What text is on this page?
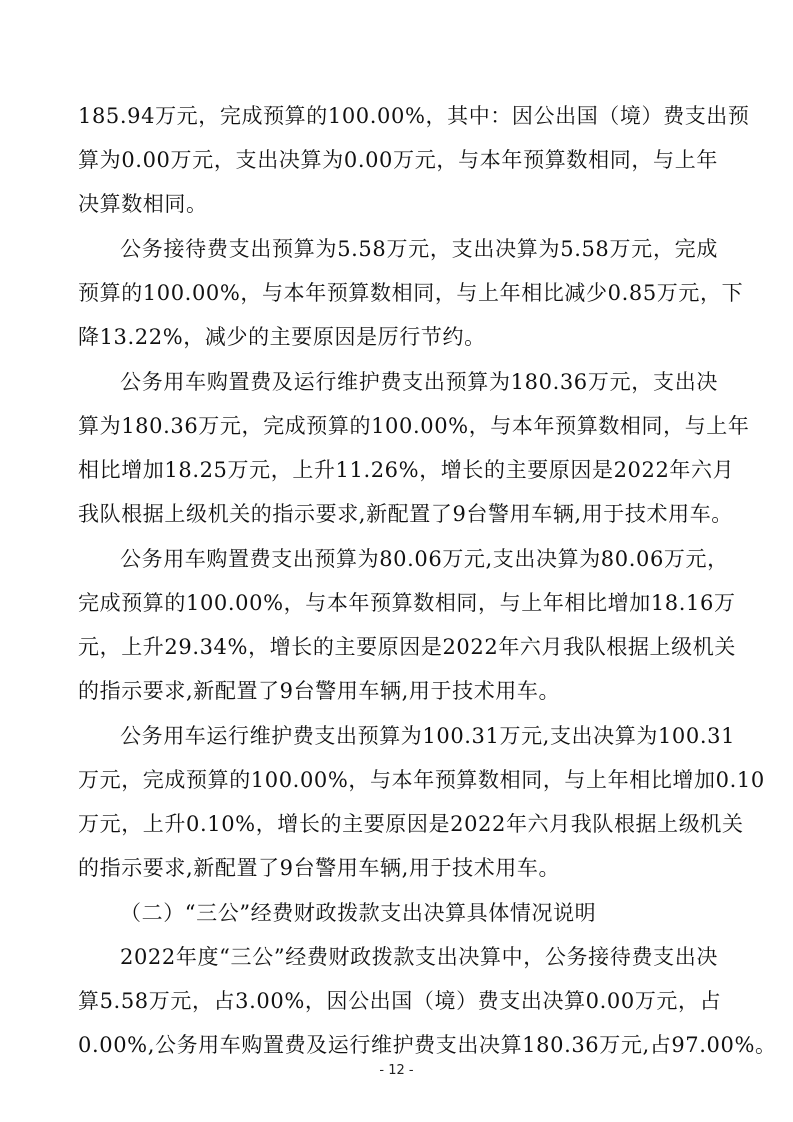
185.94万元，完成预算的100.00%，其中：因公出国（境）费支出预
算为0.00万元，支出决算为0.00万元，与本年预算数相同，与上年
决算数相同。
公务接待费支出预算为5.58万元，支出决算为5.58万元，完成
预算的100.00%，与本年预算数相同，与上年相比减少0.85万元，下
降13.22%，减少的主要原因是厉行节约。
公务用车购置费及运行维护费支出预算为180.36万元，支出决
算为180.36万元，完成预算的100.00%，与本年预算数相同，与上年
相比增加18.25万元，上升11.26%，增长的主要原因是2022年六月
我队根据上级机关的指示要求,新配置了9台警用车辆,用于技术用车。
公务用车购置费支出预算为80.06万元,支出决算为80.06万元，
完成预算的100.00%，与本年预算数相同，与上年相比增加18.16万
元，上升29.34%，增长的主要原因是2022年六月我队根据上级机关
的指示要求,新配置了9台警用车辆,用于技术用车。
公务用车运行维护费支出预算为100.31万元,支出决算为100.31
万元，完成预算的100.00%，与本年预算数相同，与上年相比增加0.10
万元，上升0.10%，增长的主要原因是2022年六月我队根据上级机关
的指示要求,新配置了9台警用车辆,用于技术用车。
（二）“三公”经费财政拨款支出决算具体情况说明
2022年度“三公”经费财政拨款支出决算中，公务接待费支出决
算5.58万元，占3.00%，因公出国（境）费支出决算0.00万元，占
0.00%,公务用车购置费及运行维护费支出决算180.36万元,占97.00%。
- 12 -
